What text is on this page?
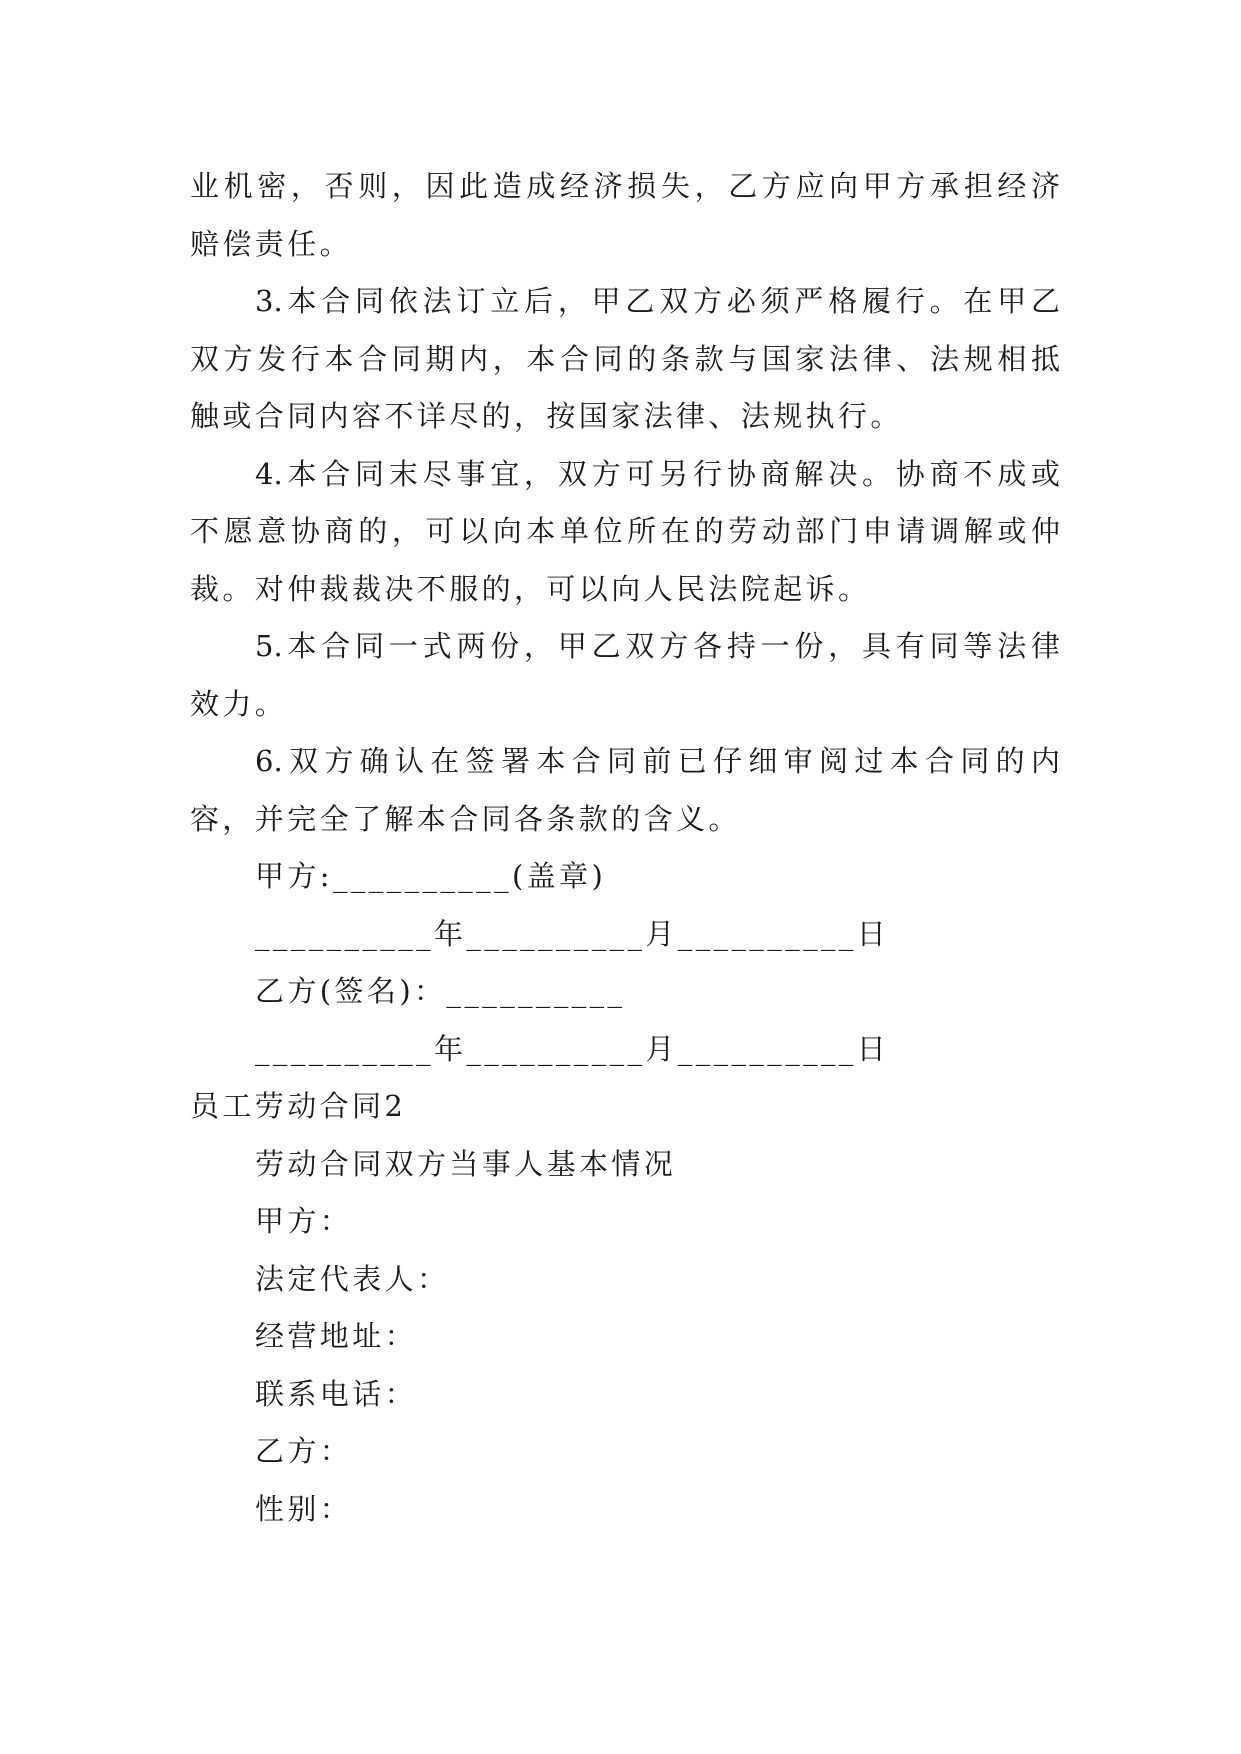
业机密，否则，因此造成经济损失，乙方应向甲方承担经济
赔偿责任。
3.本合同依法订立后，甲乙双方必须严格履行。在甲乙
双方发行本合同期内，本合同的条款与国家法律、法规相抵
触或合同内容不详尽的，按国家法律、法规执行。
4.本合同末尽事宜，双方可另行协商解决。协商不成或
不愿意协商的，可以向本单位所在的劳动部门申请调解或仲
裁。对仲裁裁决不服的，可以向人民法院起诉。
5.本合同一式两份，甲乙双方各持一份，具有同等法律
效力。
6.双方确认在签署本合同前已仔细审阅过本合同的内
容，并完全了解本合同各条款的含义。
甲方:__________(盖章)
__________年__________月__________日
乙方(签名)：__________
__________年__________月__________日
员工劳动合同2
劳动合同双方当事人基本情况
甲方：
法定代表人：
经营地址：
联系电话：
乙方：
性别：
